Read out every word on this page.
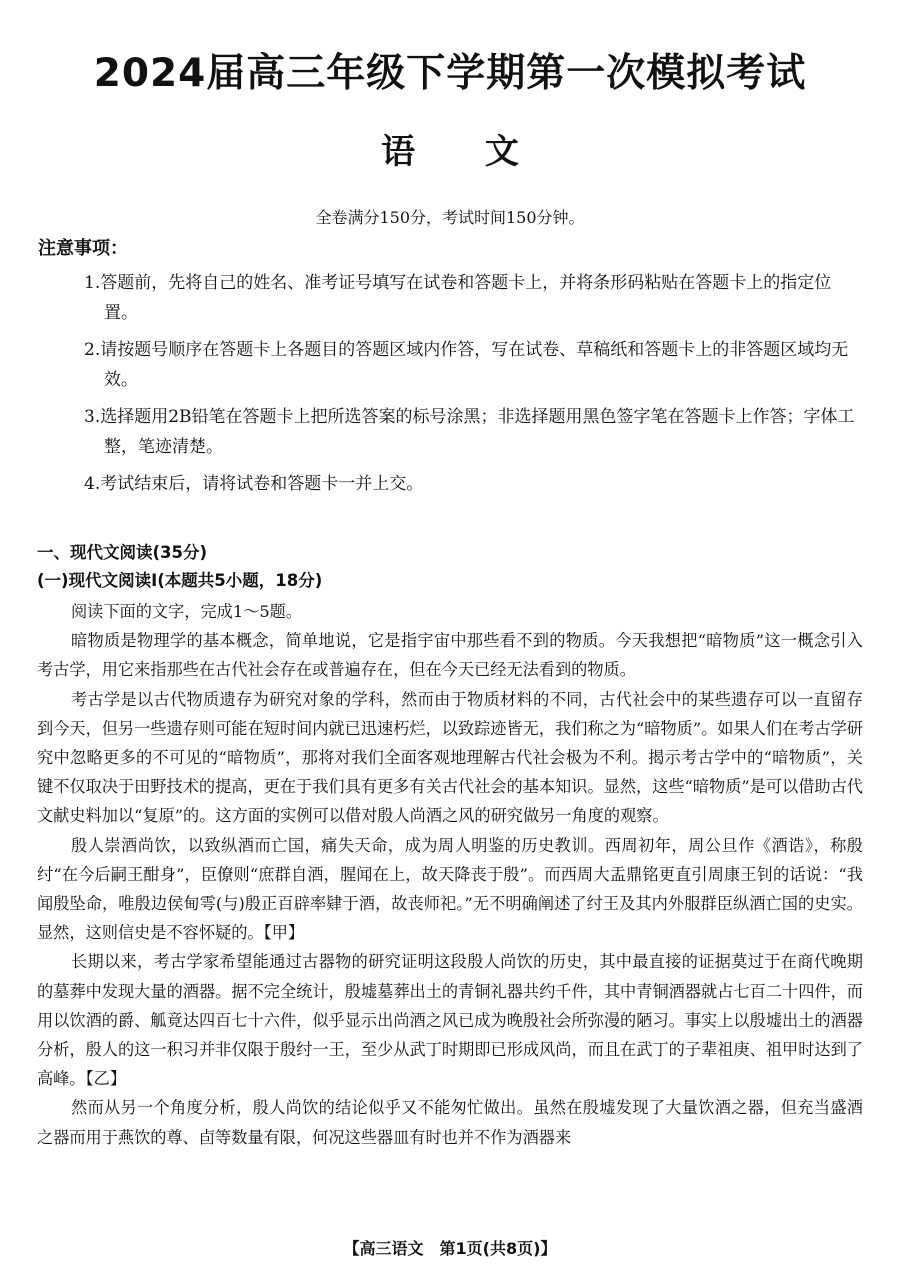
2024届高三年级下学期第一次模拟考试
语 文

全卷满分150分，考试时间150分钟。

注意事项：

1.答题前，先将自己的姓名、准考证号填写在试卷和答题卡上，并将条形码粘贴在答题卡上的指定位置。

2.请按题号顺序在答题卡上各题目的答题区域内作答，写在试卷、草稿纸和答题卡上的非答题区域均无效。

3.选择题用2B铅笔在答题卡上把所选答案的标号涂黑；非选择题用黑色签字笔在答题卡上作答；字体工整，笔迹清楚。

4.考试结束后，请将试卷和答题卡一并上交。

一、现代文阅读(35分)

(一)现代文阅读Ⅰ(本题共5小题，18分)

阅读下面的文字，完成1～5题。

暗物质是物理学的基本概念，简单地说，它是指宇宙中那些看不到的物质。今天我想把“暗物质”这一概念引入考古学，用它来指那些在古代社会存在或普遍存在，但在今天已经无法看到的物质。

考古学是以古代物质遗存为研究对象的学科，然而由于物质材料的不同，古代社会中的某些遗存可以一直留存到今天，但另一些遗存则可能在短时间内就已迅速朽烂，以致踪迹皆无，我们称之为“暗物质”。如果人们在考古学研究中忽略更多的不可见的“暗物质”，那将对我们全面客观地理解古代社会极为不利。揭示考古学中的“暗物质”，关键不仅取决于田野技术的提高，更在于我们具有更多有关古代社会的基本知识。显然，这些“暗物质”是可以借助古代文献史料加以“复原”的。这方面的实例可以借对殷人尚酒之风的研究做另一角度的观察。

殷人崇酒尚饮，以致纵酒而亡国，痛失天命，成为周人明鉴的历史教训。西周初年，周公旦作《酒诰》，称殷纣“在今后嗣王酣身”，臣僚则“庶群自酒，腥闻在上，故天降丧于殷”。而西周大盂鼎铭更直引周康王钊的话说：“我闻殷坠命，唯殷边侯甸雩(与)殷正百辟率肄于酒，故丧师祀。”无不明确阐述了纣王及其内外服群臣纵酒亡国的史实。显然，这则信史是不容怀疑的。【甲】

长期以来，考古学家希望能通过古器物的研究证明这段殷人尚饮的历史，其中最直接的证据莫过于在商代晚期的墓葬中发现大量的酒器。据不完全统计，殷墟墓葬出土的青铜礼器共约千件，其中青铜酒器就占七百二十四件，而用以饮酒的爵、觚竟达四百七十六件，似乎显示出尚酒之风已成为晚殷社会所弥漫的陋习。事实上以殷墟出土的酒器分析，殷人的这一积习并非仅限于殷纣一王，至少从武丁时期即已形成风尚，而且在武丁的子辈祖庚、祖甲时达到了高峰。【乙】

然而从另一个角度分析，殷人尚饮的结论似乎又不能匆忙做出。虽然在殷墟发现了大量饮酒之器，但充当盛酒之器而用于燕饮的尊、卣等数量有限，何况这些器皿有时也并不作为酒器来

【高三语文　第1页(共8页)】
